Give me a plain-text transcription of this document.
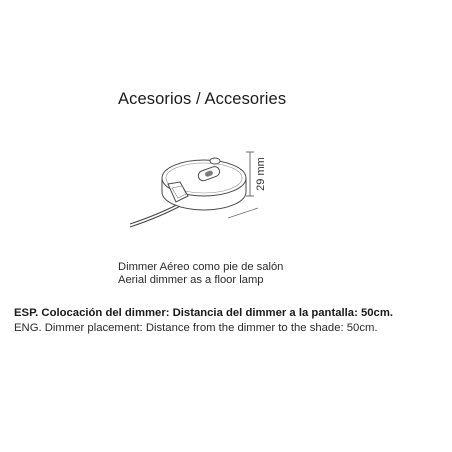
Acesorios / Accesories
29 mm
Dimmer Aéreo como pie de salón
Aerial dimmer as a floor lamp
ESP. Colocación del dimmer: Distancia del dimmer a la pantalla: 50cm.
ENG. Dimmer placement: Distance from the dimmer to the shade: 50cm.
